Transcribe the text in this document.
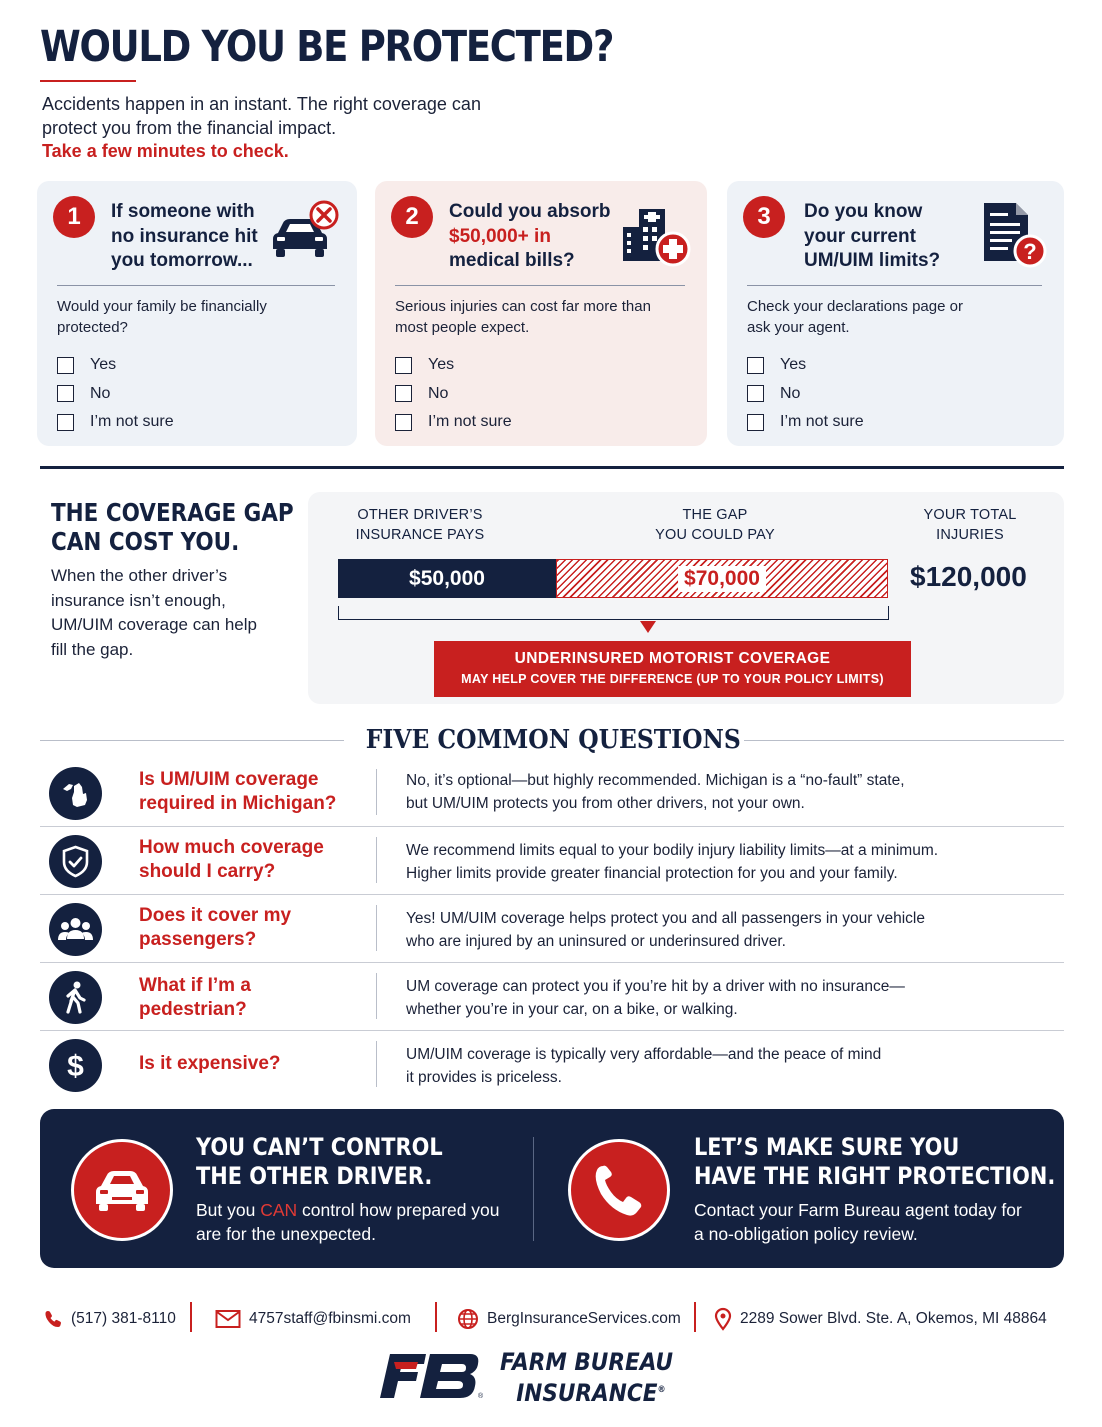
WOULD YOU BE PROTECTED?
Accidents happen in an instant. The right coverage can protect you from the financial impact.
Take a few minutes to check.
1	If someone with
no insurance hit
you tomorrow...
Would your family be financially protected?
Yes
No
I’m not sure
2	Could you absorb
$50,000+ in
medical bills?
Serious injuries can cost far more than most people expect.
Yes
No
I’m not sure
3	Do you know
your current
UM/UIM limits?	?
Check your declarations page or ask your agent.
Yes
No
I’m not sure
THE COVERAGE GAP
CAN COST YOU.
When the other driver’s insurance isn’t enough, UM/UIM coverage can help fill the gap.
OTHER DRIVER’S
INSURANCE PAYS
THE GAP
YOU COULD PAY
YOUR TOTAL
INJURIES
$50,000	$70,000	$120,000
UNDERINSURED MOTORIST COVERAGE
MAY HELP COVER THE DIFFERENCE (UP TO YOUR POLICY LIMITS)
FIVE COMMON QUESTIONS
Is UM/UIM coverage
required in Michigan?
No, it’s optional—but highly recommended. Michigan is a “no-fault” state,
but UM/UIM protects you from other drivers, not your own.
How much coverage
should I carry?
We recommend limits equal to your bodily injury liability limits—at a minimum.
Higher limits provide greater financial protection for you and your family.
Does it cover my
passengers?
Yes! UM/UIM coverage helps protect you and all passengers in your vehicle
who are injured by an uninsured or underinsured driver.
What if I’m a
pedestrian?
UM coverage can protect you if you’re hit by a driver with no insurance—
whether you’re in your car, on a bike, or walking.
$	Is it expensive?	UM/UIM coverage is typically very affordable—and the peace of mind
it provides is priceless.
YOU CAN’T CONTROL
THE OTHER DRIVER.
But you CAN control how prepared you are for the unexpected.
LET’S MAKE SURE YOU
HAVE THE RIGHT PROTECTION.
Contact your Farm Bureau agent today for a no-obligation policy review.
(517) 381-8110	4757staff@fbinsmi.com	BergInsuranceServices.com	2289 Sower Blvd. Ste. A, Okemos, MI 48864
®
FARM BUREAU
INSURANCE®
